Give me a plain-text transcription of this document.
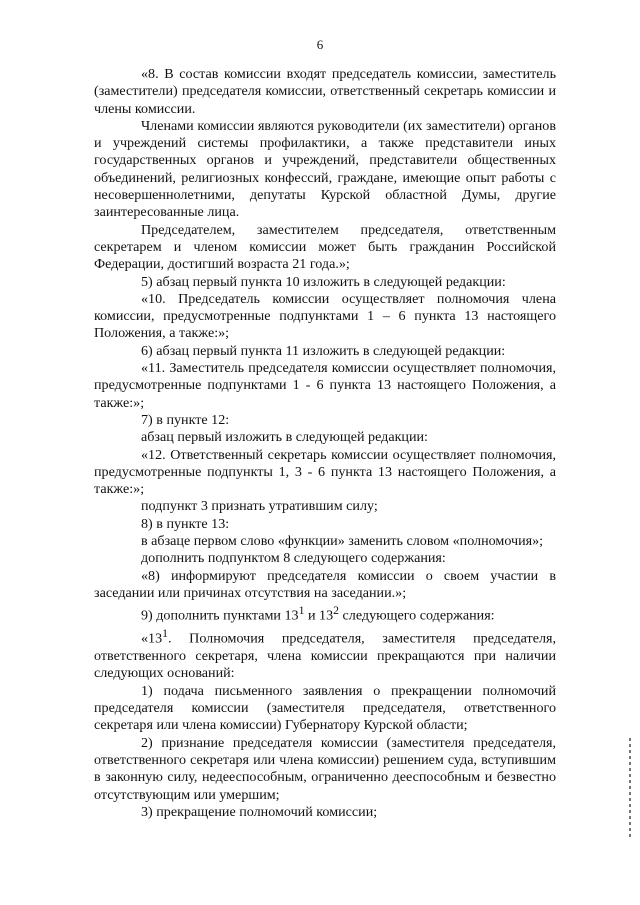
6

«8. В состав комиссии входят председатель комиссии, заместитель (заместители) председателя комиссии, ответственный секретарь комиссии и члены комиссии.

Членами комиссии являются руководители (их заместители) органов и учреждений системы профилактики, а также представители иных государственных органов и учреждений, представители общественных объединений, религиозных конфессий, граждане, имеющие опыт работы с несовершеннолетними, депутаты Курской областной Думы, другие заинтересованные лица.

Председателем, заместителем председателя, ответственным секретарем и членом комиссии может быть гражданин Российской Федерации, достигший возраста 21 года.»;

5) абзац первый пункта 10 изложить в следующей редакции:

«10. Председатель комиссии осуществляет полномочия члена комиссии, предусмотренные подпунктами 1 – 6 пункта 13 настоящего Положения, а также:»;

6) абзац первый пункта 11 изложить в следующей редакции:

«11. Заместитель председателя комиссии осуществляет полномочия, предусмотренные подпунктами 1 - 6 пункта 13 настоящего Положения, а также:»;

7) в пункте 12:

абзац первый изложить в следующей редакции:

«12. Ответственный секретарь комиссии осуществляет полномочия, предусмотренные подпункты 1, 3 - 6 пункта 13 настоящего Положения, а также:»;

подпункт 3 признать утратившим силу;

8) в пункте 13:

в абзаце первом слово «функции» заменить словом «полномочия»;

дополнить подпунктом 8 следующего содержания:

«8) информируют председателя комиссии о своем участии в заседании или причинах отсутствия на заседании.»;

9) дополнить пунктами $13^1$ и $13^2$ следующего содержания:

«$13^1$. Полномочия председателя, заместителя председателя, ответственного секретаря, члена комиссии прекращаются при наличии следующих оснований:

1) подача письменного заявления о прекращении полномочий председателя комиссии (заместителя председателя, ответственного секретаря или члена комиссии) Губернатору Курской области;

2) признание председателя комиссии (заместителя председателя, ответственного секретаря или члена комиссии) решением суда, вступившим в законную силу, недееспособным, ограниченно дееспособным и безвестно отсутствующим или умершим;

3) прекращение полномочий комиссии;
